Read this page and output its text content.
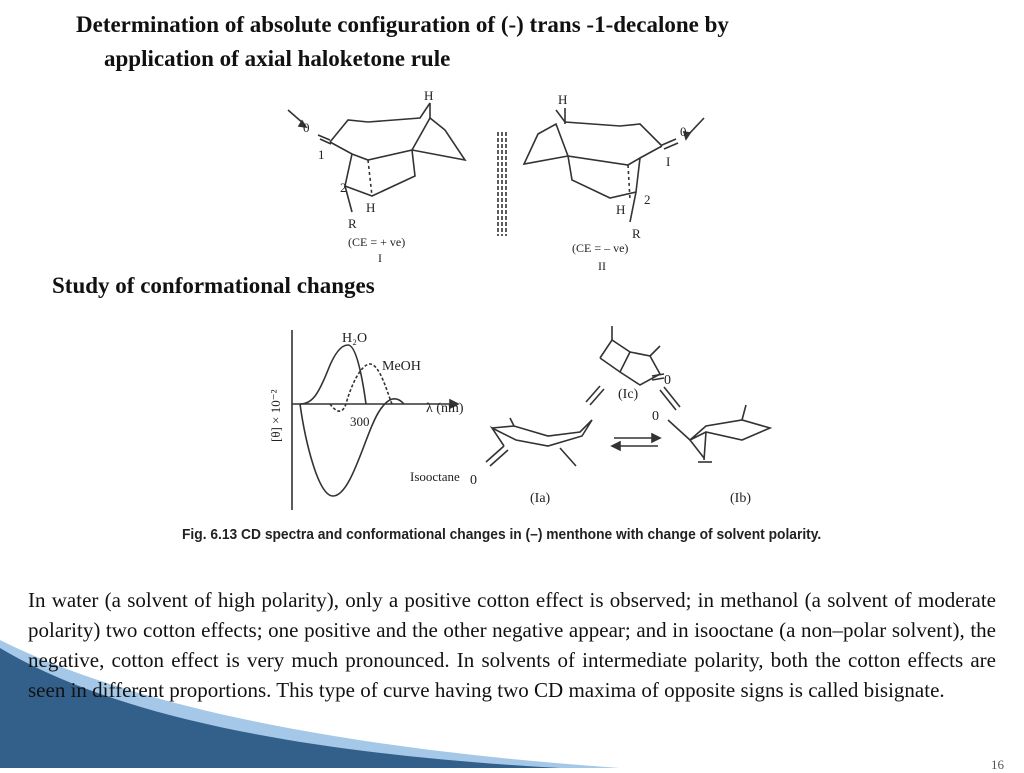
Determination of absolute configuration of (-) trans -1-decalone by
application of axial haloketone rule
0
1
2
H
H
R
(CE = + ve)
I
0
I
2
H
H
R
(CE = – ve)
II
H₂O
MeOH
λ (nm)
300
Isooctane
[θ] × 10⁻²	(Ic)
0
0
0
(Ia)	(Ib)
Study of conformational changes

Fig. 6.13 CD spectra and conformational changes in (–) menthone with change of solvent polarity.

In water (a solvent of high polarity), only a positive cotton effect is observed; in methanol (a solvent of moderate polarity) two cotton effects; one positive and the other negative appear; and in isooctane (a non–polar solvent), the negative, cotton effect is very much pronounced. In solvents of intermediate polarity, both the cotton effects are seen in different proportions. This type of curve having two CD maxima of opposite signs is called bisignate.

16
